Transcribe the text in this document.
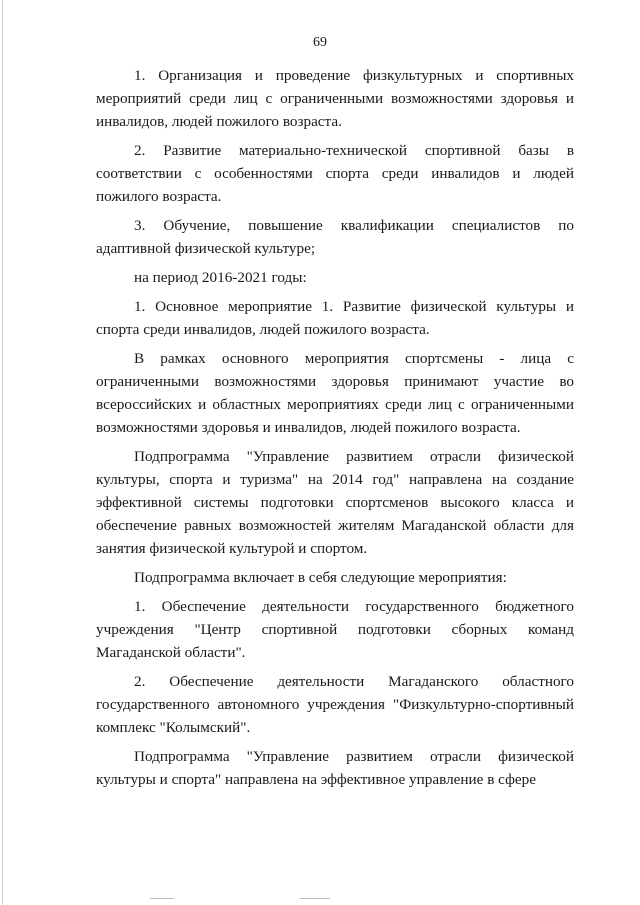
69

1. Организация и проведение физкультурных и спортивных мероприятий среди лиц с ограниченными возможностями здоровья и инвалидов, людей пожилого возраста.

2. Развитие материально-технической спортивной базы в соответствии с особенностями спорта среди инвалидов и людей пожилого возраста.

3. Обучение, повышение квалификации специалистов по адаптивной физической культуре;

на период 2016-2021 годы:

1. Основное мероприятие 1. Развитие физической культуры и спорта среди инвалидов, людей пожилого возраста.

В рамках основного мероприятия спортсмены - лица с ограниченными возможностями здоровья принимают участие во всероссийских и областных мероприятиях среди лиц с ограниченными возможностями здоровья и инвалидов, людей пожилого возраста.

Подпрограмма "Управление развитием отрасли физической культуры, спорта и туризма" на 2014 год" направлена на создание эффективной системы подготовки спортсменов высокого класса и обеспечение равных возможностей жителям Магаданской области для занятия физической культурой и спортом.

Подпрограмма включает в себя следующие мероприятия:

1. Обеспечение деятельности государственного бюджетного учреждения "Центр спортивной подготовки сборных команд Магаданской области".

2. Обеспечение деятельности Магаданского областного государственного автономного учреждения "Физкультурно-спортивный комплекс "Колымский".

Подпрограмма "Управление развитием отрасли физической культуры и спорта" направлена на эффективное управление в сфере
